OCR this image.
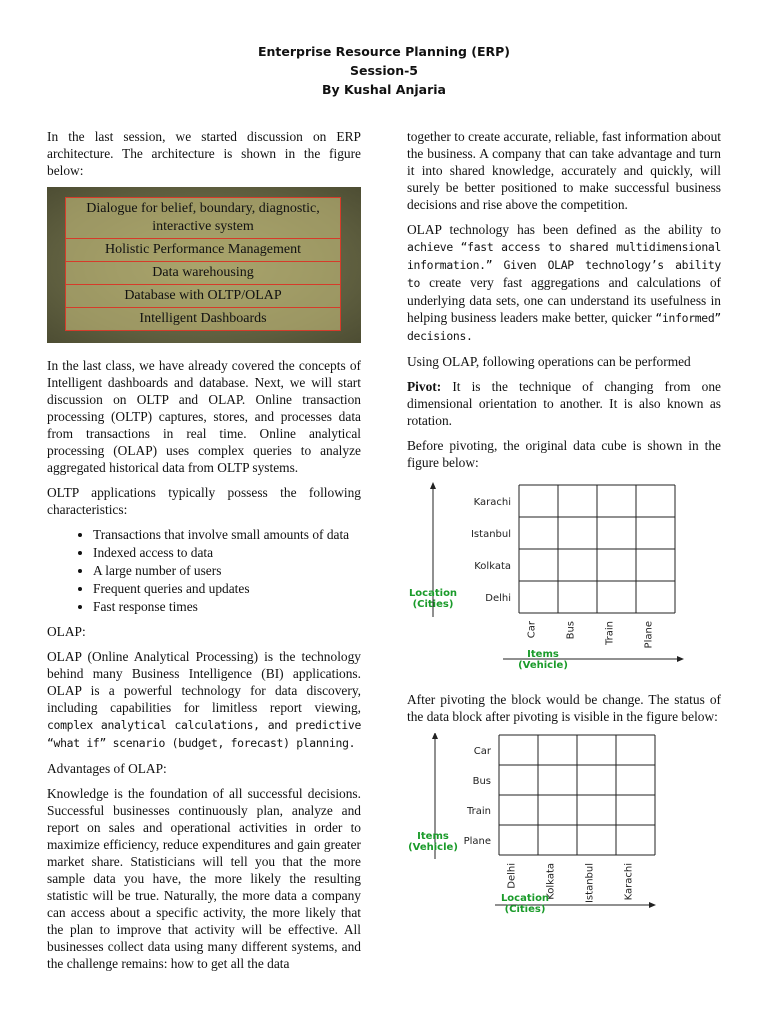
Enterprise Resource Planning (ERP)
Session-5
By Kushal Anjaria

In the last session, we started discussion on ERP architecture. The architecture is shown in the figure below:

Dialogue for belief, boundary, diagnostic, interactive system
Holistic Performance Management
Data warehousing
Database with OLTP/OLAP
Intelligent Dashboards

In the last class, we have already covered the concepts of Intelligent dashboards and database. Next, we will start discussion on OLTP and OLAP. Online transaction processing (OLTP) captures, stores, and processes data from transactions in real time. Online analytical processing (OLAP) uses complex queries to analyze aggregated historical data from OLTP systems.

OLTP applications typically possess the following characteristics:

• Transactions that involve small amounts of data
• Indexed access to data
• A large number of users
• Frequent queries and updates
• Fast response times

OLAP:

OLAP (Online Analytical Processing) is the technology behind many Business Intelligence (BI) applications. OLAP is a powerful technology for data discovery, including capabilities for limitless report viewing, complex analytical calculations, and predictive “what if” scenario (budget, forecast) planning.

Advantages of OLAP:

Knowledge is the foundation of all successful decisions. Successful businesses continuously plan, analyze and report on sales and operational activities in order to maximize efficiency, reduce expenditures and gain greater market share. Statisticians will tell you that the more sample data you have, the more likely the resulting statistic will be true. Naturally, the more data a company can access about a specific activity, the more likely that the plan to improve that activity will be effective. All businesses collect data using many different systems, and the challenge remains: how to get all the data

together to create accurate, reliable, fast information about the business. A company that can take advantage and turn it into shared knowledge, accurately and quickly, will surely be better positioned to make successful business decisions and rise above the competition.

OLAP technology has been defined as the ability to achieve “fast access to shared multidimensional information.” Given OLAP technology’s ability to create very fast aggregations and calculations of underlying data sets, one can understand its usefulness in helping business leaders make better, quicker “informed” decisions.

Using OLAP, following operations can be performed

Pivot: It is the technique of changing from one dimensional orientation to another. It is also known as rotation.

Before pivoting, the original data cube is shown in the figure below:

Karachi
Istanbul
Kolkata
Delhi
Car	Bus	Train	Plane
Location
(Cities)
Items
(Vehicle)

After pivoting the block would be change. The status of the data block after pivoting is visible in the figure below:

Car
Bus
Train
Plane
Delhi	Kolkata	Istanbul	Karachi
Items
(Vehicle)
Location
(Cities)
